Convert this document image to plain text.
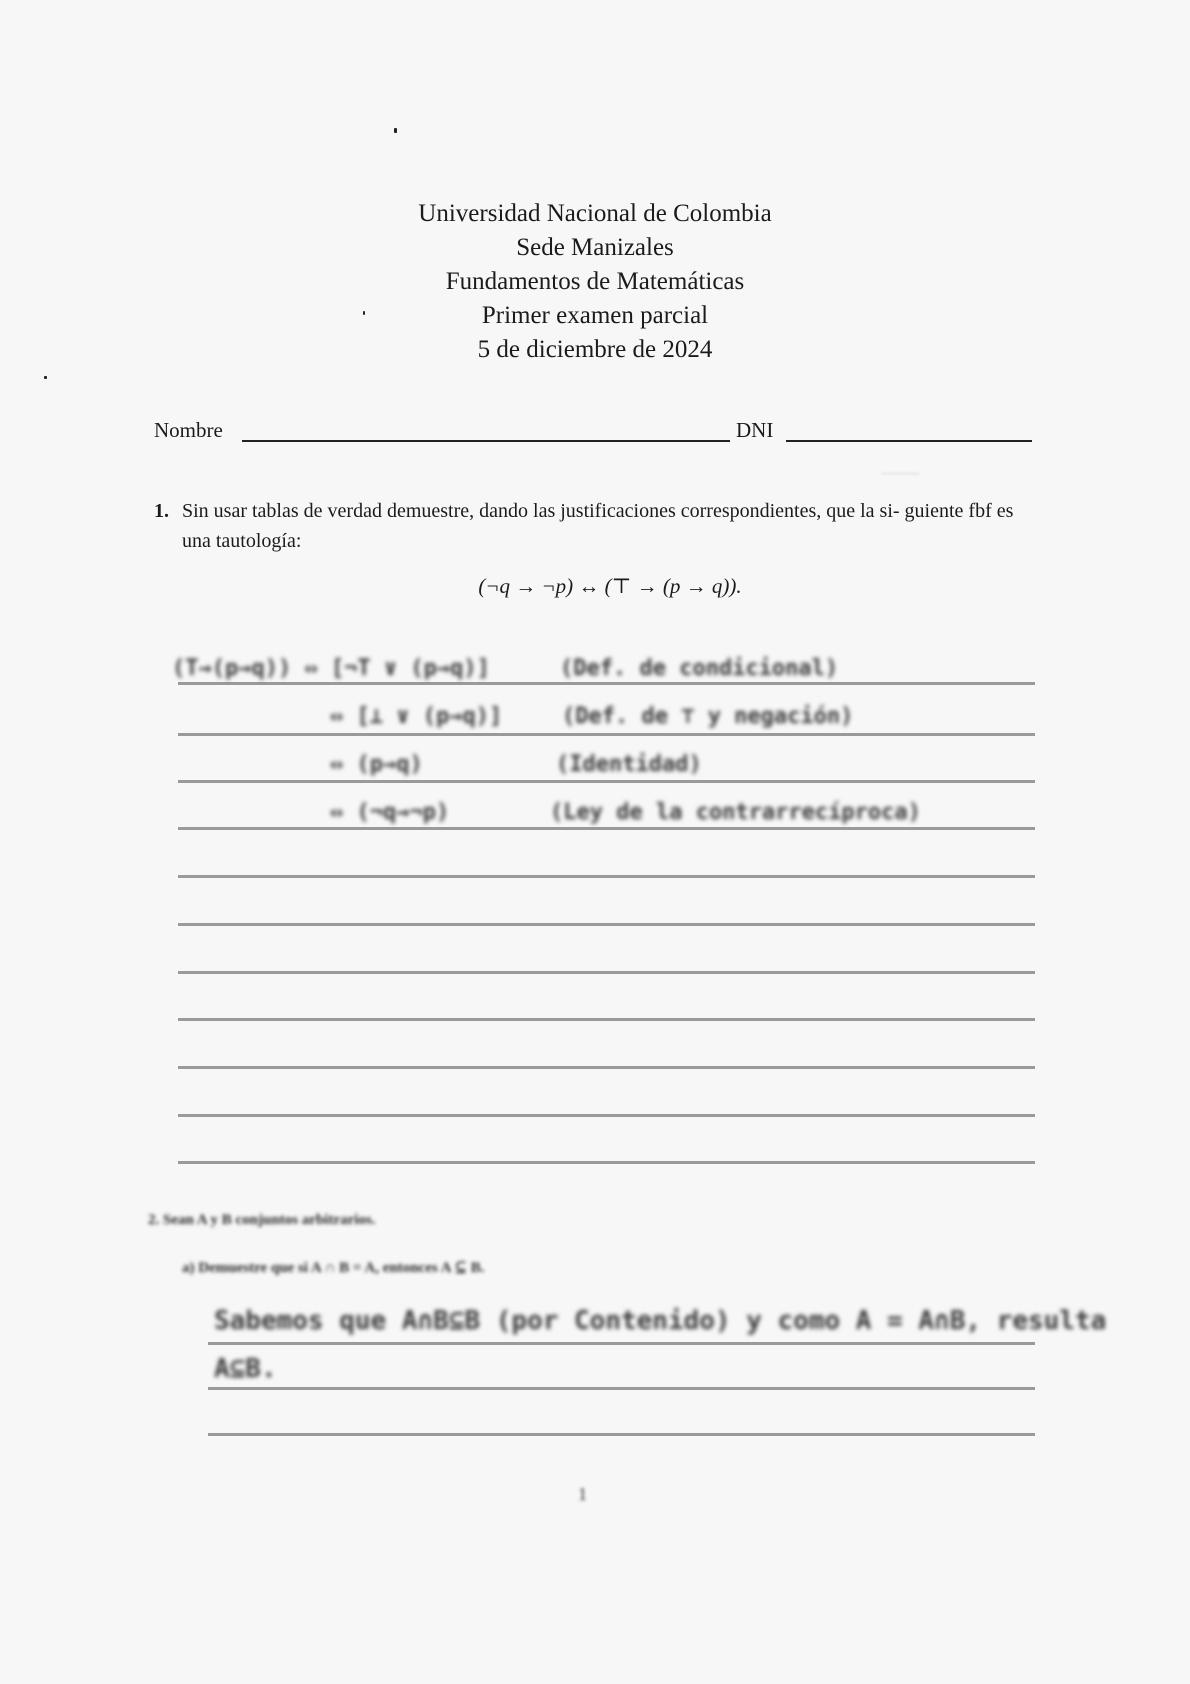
⸺
Universidad Nacional de Colombia
Sede Manizales
Fundamentos de Matemáticas
Primer examen parcial
5 de diciembre de 2024
Nombre	DNI
1. Sin usar tablas de verdad demuestre, dando las justificaciones correspondientes, que la si- guiente fbf es una tautología:
(¬q → ¬p) ↔ (⊤ → (p → q)).
(T→(p→q)) ⇔ [¬T ∨ (p→q)]	(Def. de condicional)
⇔ [⊥ ∨ (p→q)]	(Def. de ⊤ y negación)
⇔ (p→q)	(Identidad)
⇔ (¬q→¬p)	(Ley de la contrarrecíproca)
2. Sean A y B conjuntos arbitrarios.
a) Demuestre que si A ∩ B = A, entonces A ⊆ B.
Sabemos que A∩B⊆B (por Contenido) y como A = A∩B, resulta
A⊆B.
1
